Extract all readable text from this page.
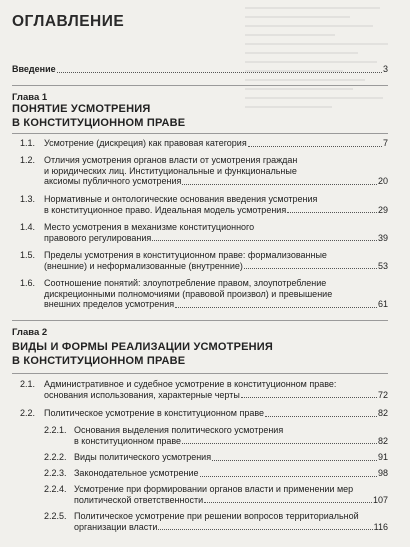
ОГЛАВЛЕНИЕ
Введение	3
Глава 1
ПОНЯТИЕ УСМОТРЕНИЯ
В КОНСТИТУЦИОННОМ ПРАВЕ
1.1. Усмотрение (дискреция) как правовая категория	7
1.2. Отличия усмотрения органов власти от усмотрения граждан
и юридических лиц. Институциональные и функциональные
аксиомы публичного усмотрения	20
1.3. Нормативные и онтологические основания введения усмотрения
в конституционное право. Идеальная модель усмотрения	29
1.4. Место усмотрения в механизме конституционного
правового регулирования	39
1.5. Пределы усмотрения в конституционном праве: формализованные
(внешние) и неформализованные (внутренние)	53
1.6. Соотношение понятий: злоупотребление правом, злоупотребление
дискреционными полномочиями (правовой произвол) и превышение
внешних пределов усмотрения	61
Глава 2
ВИДЫ И ФОРМЫ РЕАЛИЗАЦИИ УСМОТРЕНИЯ
В КОНСТИТУЦИОННОМ ПРАВЕ
2.1. Административное и судебное усмотрение в конституционном праве:
основания использования, характерные черты	72
2.2. Политическое усмотрение в конституционном праве	82
2.2.1. Основания выделения политического усмотрения
в конституционном праве	82
2.2.2. Виды политического усмотрения	91
2.2.3. Законодательное усмотрение	98
2.2.4. Усмотрение при формировании органов власти и применении мер
политической ответственности	107
2.2.5. Политическое усмотрение при решении вопросов территориальной
организации власти	116
